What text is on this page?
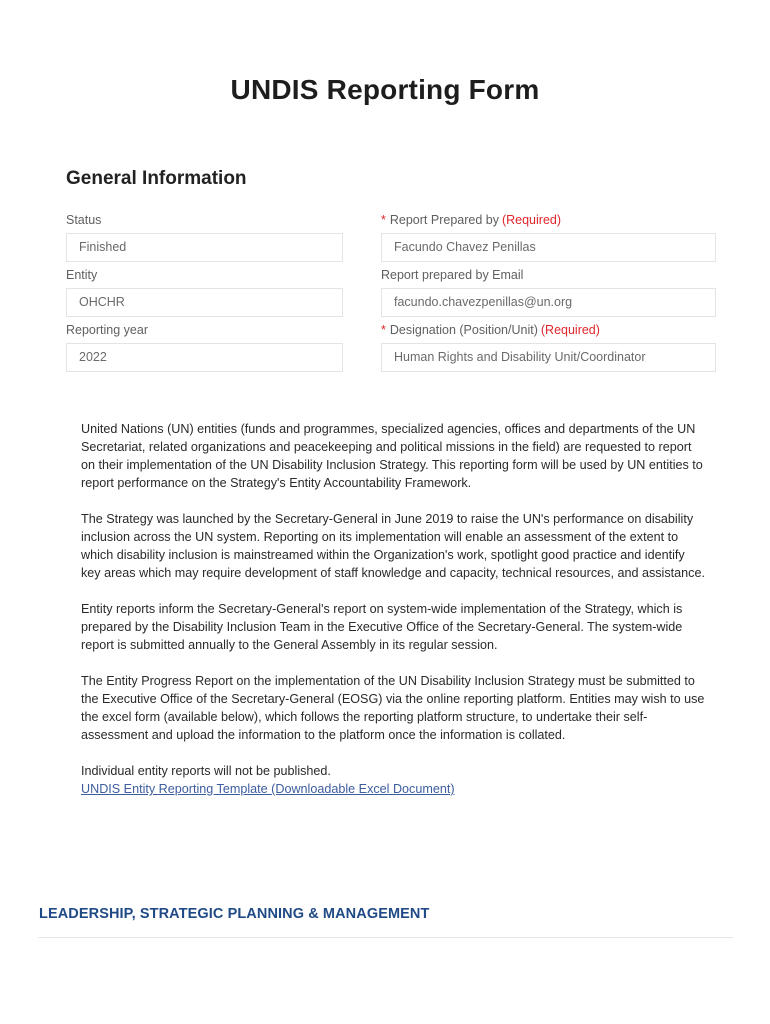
UNDIS Reporting Form
General Information
Status
Finished
* Report Prepared by (Required)
Facundo Chavez Penillas
Entity
OHCHR
Report prepared by Email
facundo.chavezpenillas@un.org
Reporting year
2022
* Designation (Position/Unit) (Required)
Human Rights and Disability Unit/Coordinator

United Nations (UN) entities (funds and programmes, specialized agencies, offices and departments of the UN Secretariat, related organizations and peacekeeping and political missions in the field) are requested to report on their implementation of the UN Disability Inclusion Strategy. This reporting form will be used by UN entities to report performance on the Strategy's Entity Accountability Framework.

The Strategy was launched by the Secretary-General in June 2019 to raise the UN's performance on disability inclusion across the UN system. Reporting on its implementation will enable an assessment of the extent to which disability inclusion is mainstreamed within the Organization's work, spotlight good practice and identify key areas which may require development of staff knowledge and capacity, technical resources, and assistance.

Entity reports inform the Secretary-General's report on system-wide implementation of the Strategy, which is prepared by the Disability Inclusion Team in the Executive Office of the Secretary-General. The system-wide report is submitted annually to the General Assembly in its regular session.

The Entity Progress Report on the implementation of the UN Disability Inclusion Strategy must be submitted to the Executive Office of the Secretary-General (EOSG) via the online reporting platform. Entities may wish to use the excel form (available below), which follows the reporting platform structure, to undertake their self-assessment and upload the information to the platform once the information is collated.

Individual entity reports will not be published.
UNDIS Entity Reporting Template (Downloadable Excel Document)

LEADERSHIP, STRATEGIC PLANNING & MANAGEMENT
